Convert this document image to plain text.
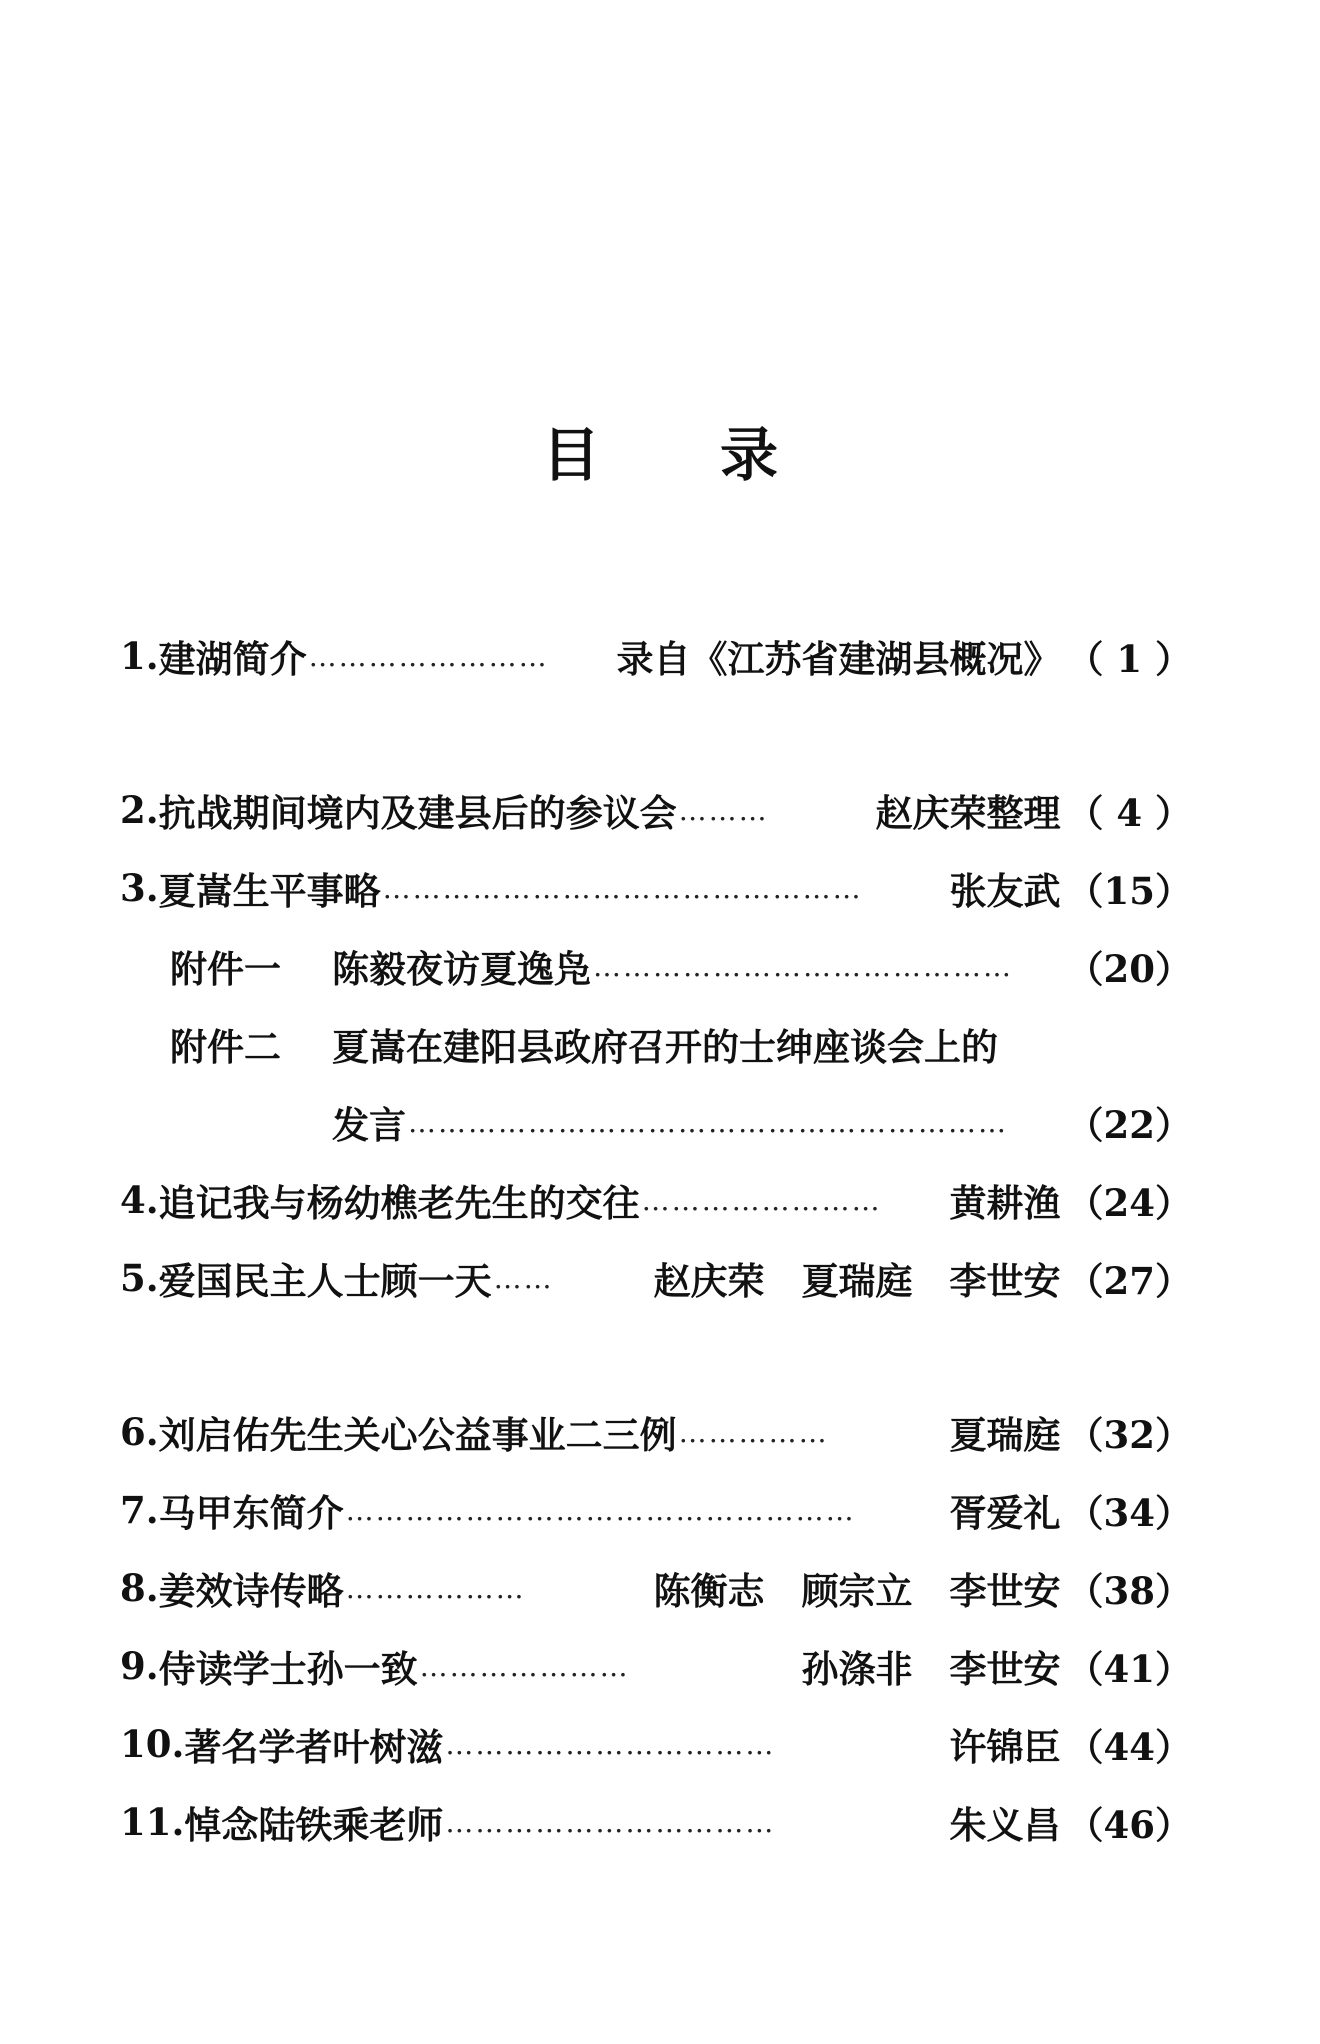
目 录
1. 建湖简介 ……………………	录自《江苏省建湖县概况》 （ 1 ）
2. 抗战期间境内及建县后的参议会 ………	赵庆荣整理 （ 4 ）
3. 夏嵩生平事略 …………………………………………	张友武 （15）
附件一	陈毅夜访夏逸凫 ……………………………………	（20）
附件二	夏嵩在建阳县政府召开的士绅座谈会上的
发言 ……………………………………………………	（22）
4. 追记我与杨幼樵老先生的交往 ……………………	黄耕渔 （24）
5. 爱国民主人士顾一天 ……	赵庆荣　夏瑞庭　李世安 （27）
6. 刘启佑先生关心公益事业二三例 ……………	夏瑞庭 （32）
7. 马甲东简介 ……………………………………………	胥爱礼 （34）
8. 姜效诗传略 ………………	陈衡志　顾宗立　李世安 （38）
9. 侍读学士孙一致 …………………	孙涤非　李世安 （41）
10. 著名学者叶树滋 ……………………………	许锦臣 （44）
11. 悼念陆铁乘老师 ……………………………	朱义昌 （46）
